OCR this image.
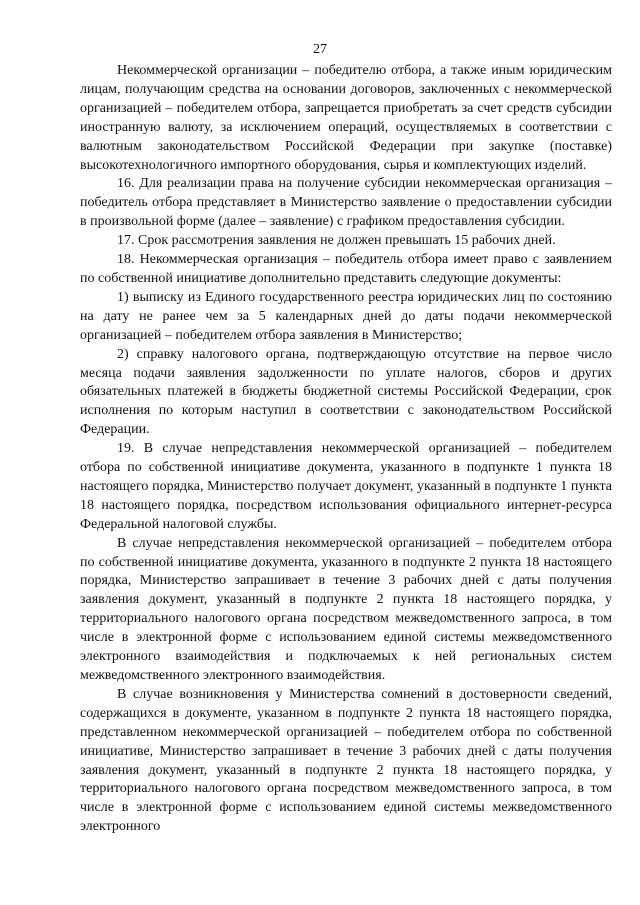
27

Некоммерческой организации – победителю отбора, а также иным юридическим лицам, получающим средства на основании договоров, заключенных с некоммерческой организацией – победителем отбора, запрещается приобретать за счет средств субсидии иностранную валюту, за исключением операций, осуществляемых в соответствии с валютным законодательством Российской Федерации при закупке (поставке) высокотехнологичного импортного оборудования, сырья и комплектующих изделий.

16. Для реализации права на получение субсидии некоммерческая организация – победитель отбора представляет в Министерство заявление о предоставлении субсидии в произвольной форме (далее – заявление) с графиком предоставления субсидии.

17. Срок рассмотрения заявления не должен превышать 15 рабочих дней.

18. Некоммерческая организация – победитель отбора имеет право с заявлением по собственной инициативе дополнительно представить следующие документы:

1) выписку из Единого государственного реестра юридических лиц по состоянию на дату не ранее чем за 5 календарных дней до даты подачи некоммерческой организацией – победителем отбора заявления в Министерство;

2) справку налогового органа, подтверждающую отсутствие на первое число месяца подачи заявления задолженности по уплате налогов, сборов и других обязательных платежей в бюджеты бюджетной системы Российской Федерации, срок исполнения по которым наступил в соответствии с законодательством Российской Федерации.

19. В случае непредставления некоммерческой организацией – победителем отбора по собственной инициативе документа, указанного в подпункте 1 пункта 18 настоящего порядка, Министерство получает документ, указанный в подпункте 1 пункта 18 настоящего порядка, посредством использования официального интернет-ресурса Федеральной налоговой службы.

В случае непредставления некоммерческой организацией – победителем отбора по собственной инициативе документа, указанного в подпункте 2 пункта 18 настоящего порядка, Министерство запрашивает в течение 3 рабочих дней с даты получения заявления документ, указанный в подпункте 2 пункта 18 настоящего порядка, у территориального налогового органа посредством межведомственного запроса, в том числе в электронной форме с использованием единой системы межведомственного электронного взаимодействия и подключаемых к ней региональных систем межведомственного электронного взаимодействия.

В случае возникновения у Министерства сомнений в достоверности сведений, содержащихся в документе, указанном в подпункте 2 пункта 18 настоящего порядка, представленном некоммерческой организацией – победителем отбора по собственной инициативе, Министерство запрашивает в течение 3 рабочих дней с даты получения заявления документ, указанный в подпункте 2 пункта 18 настоящего порядка, у территориального налогового органа посредством межведомственного запроса, в том числе в электронной форме с использованием единой системы межведомственного электронного
